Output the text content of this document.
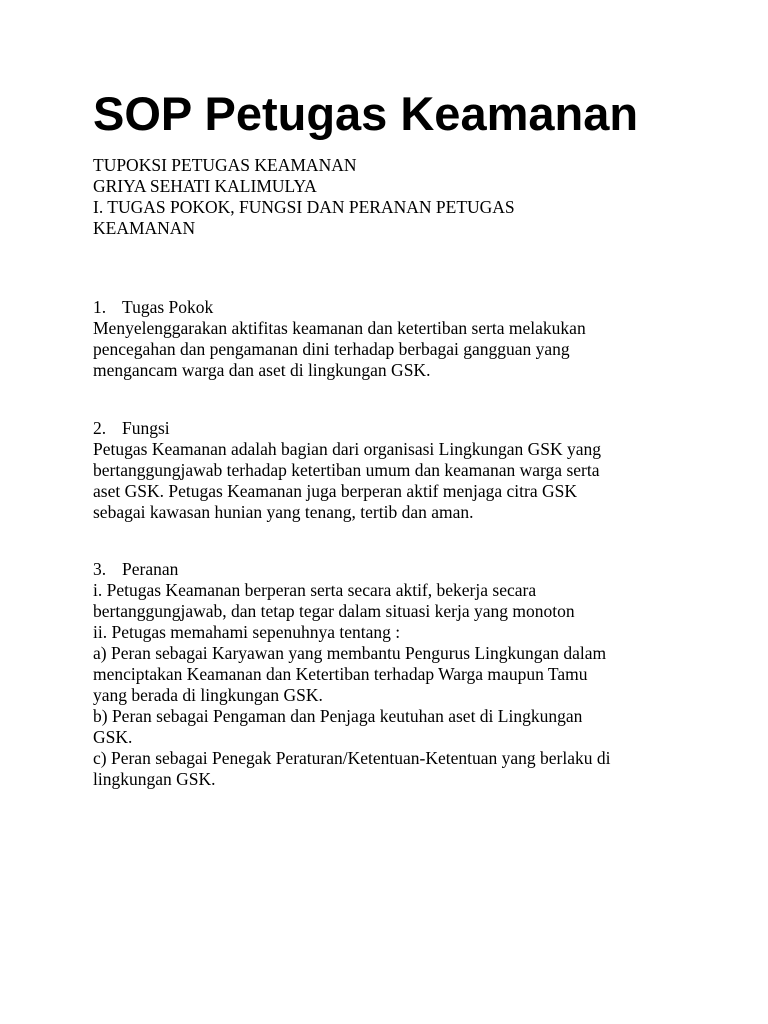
SOP Petugas Keamanan
TUPOKSI PETUGAS KEAMANAN
GRIYA SEHATI KALIMULYA
I. TUGAS POKOK, FUNGSI DAN PERANAN PETUGAS
KEAMANAN
1. Tugas Pokok
Menyelenggarakan aktifitas keamanan dan ketertiban serta melakukan
pencegahan dan pengamanan dini terhadap berbagai gangguan yang
mengancam warga dan aset di lingkungan GSK.
2. Fungsi
Petugas Keamanan adalah bagian dari organisasi Lingkungan GSK yang
bertanggungjawab terhadap ketertiban umum dan keamanan warga serta
aset GSK. Petugas Keamanan juga berperan aktif menjaga citra GSK
sebagai kawasan hunian yang tenang, tertib dan aman.
3. Peranan
i. Petugas Keamanan berperan serta secara aktif, bekerja secara
bertanggungjawab, dan tetap tegar dalam situasi kerja yang monoton
ii. Petugas memahami sepenuhnya tentang :
a) Peran sebagai Karyawan yang membantu Pengurus Lingkungan dalam
menciptakan Keamanan dan Ketertiban terhadap Warga maupun Tamu
yang berada di lingkungan GSK.
b) Peran sebagai Pengaman dan Penjaga keutuhan aset di Lingkungan
GSK.
c) Peran sebagai Penegak Peraturan/Ketentuan-Ketentuan yang berlaku di
lingkungan GSK.
